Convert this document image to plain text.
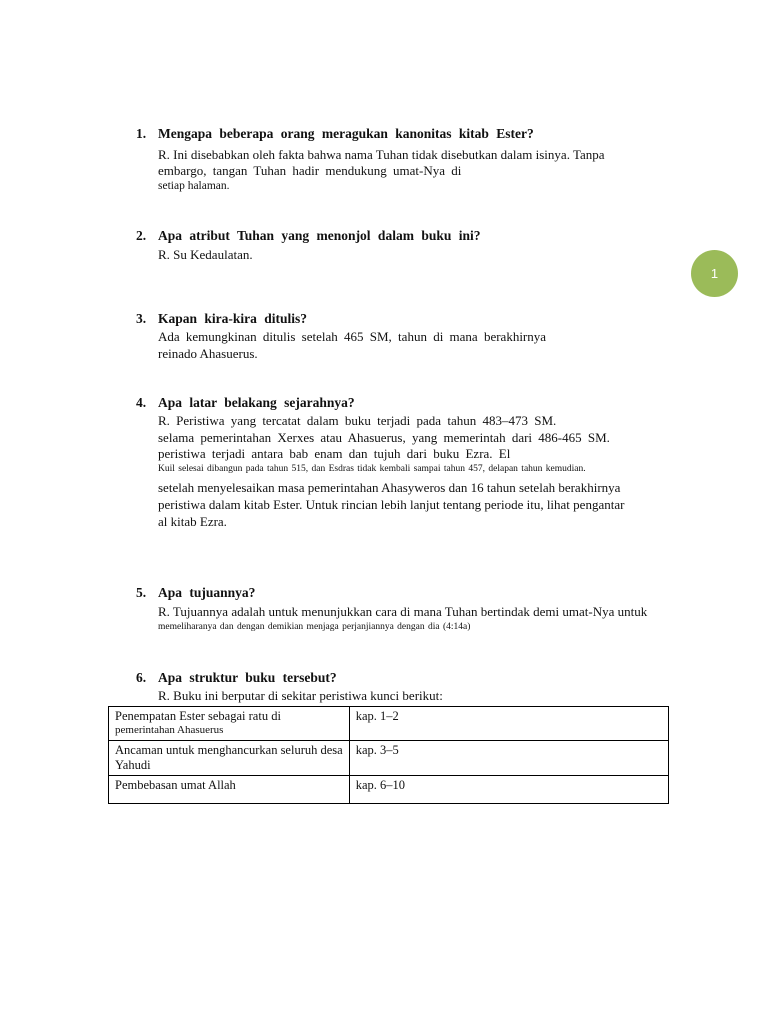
1
1. Mengapa beberapa orang meragukan kanonitas kitab Ester?
R. Ini disebabkan oleh fakta bahwa nama Tuhan tidak disebutkan dalam isinya. Tanpa
embargo, tangan Tuhan hadir mendukung umat-Nya di
setiap halaman.
2. Apa atribut Tuhan yang menonjol dalam buku ini?
R. Su Kedaulatan.
3. Kapan kira-kira ditulis?
Ada kemungkinan ditulis setelah 465 SM, tahun di mana berakhirnya
reinado Ahasuerus.
4. Apa latar belakang sejarahnya?
R. Peristiwa yang tercatat dalam buku terjadi pada tahun 483–473 SM.
selama pemerintahan Xerxes atau Ahasuerus, yang memerintah dari 486-465 SM.
peristiwa terjadi antara bab enam dan tujuh dari buku Ezra. El
Kuil selesai dibangun pada tahun 515, dan Esdras tidak kembali sampai tahun 457, delapan tahun kemudian.
setelah menyelesaikan masa pemerintahan Ahasyweros dan 16 tahun setelah berakhirnya
peristiwa dalam kitab Ester. Untuk rincian lebih lanjut tentang periode itu, lihat pengantar
al kitab Ezra.
5. Apa tujuannya?
R. Tujuannya adalah untuk menunjukkan cara di mana Tuhan bertindak demi umat-Nya untuk
memeliharanya dan dengan demikian menjaga perjanjiannya dengan dia (4:14a)
6. Apa struktur buku tersebut?
R. Buku ini berputar di sekitar peristiwa kunci berikut:
Penempatan Ester sebagai ratu di
pemerintahan Ahasuerus	kap. 1–2

Ancaman untuk menghancurkan seluruh desa
Yahudi	kap. 3–5

Pembebasan umat Allah	kap. 6–10
